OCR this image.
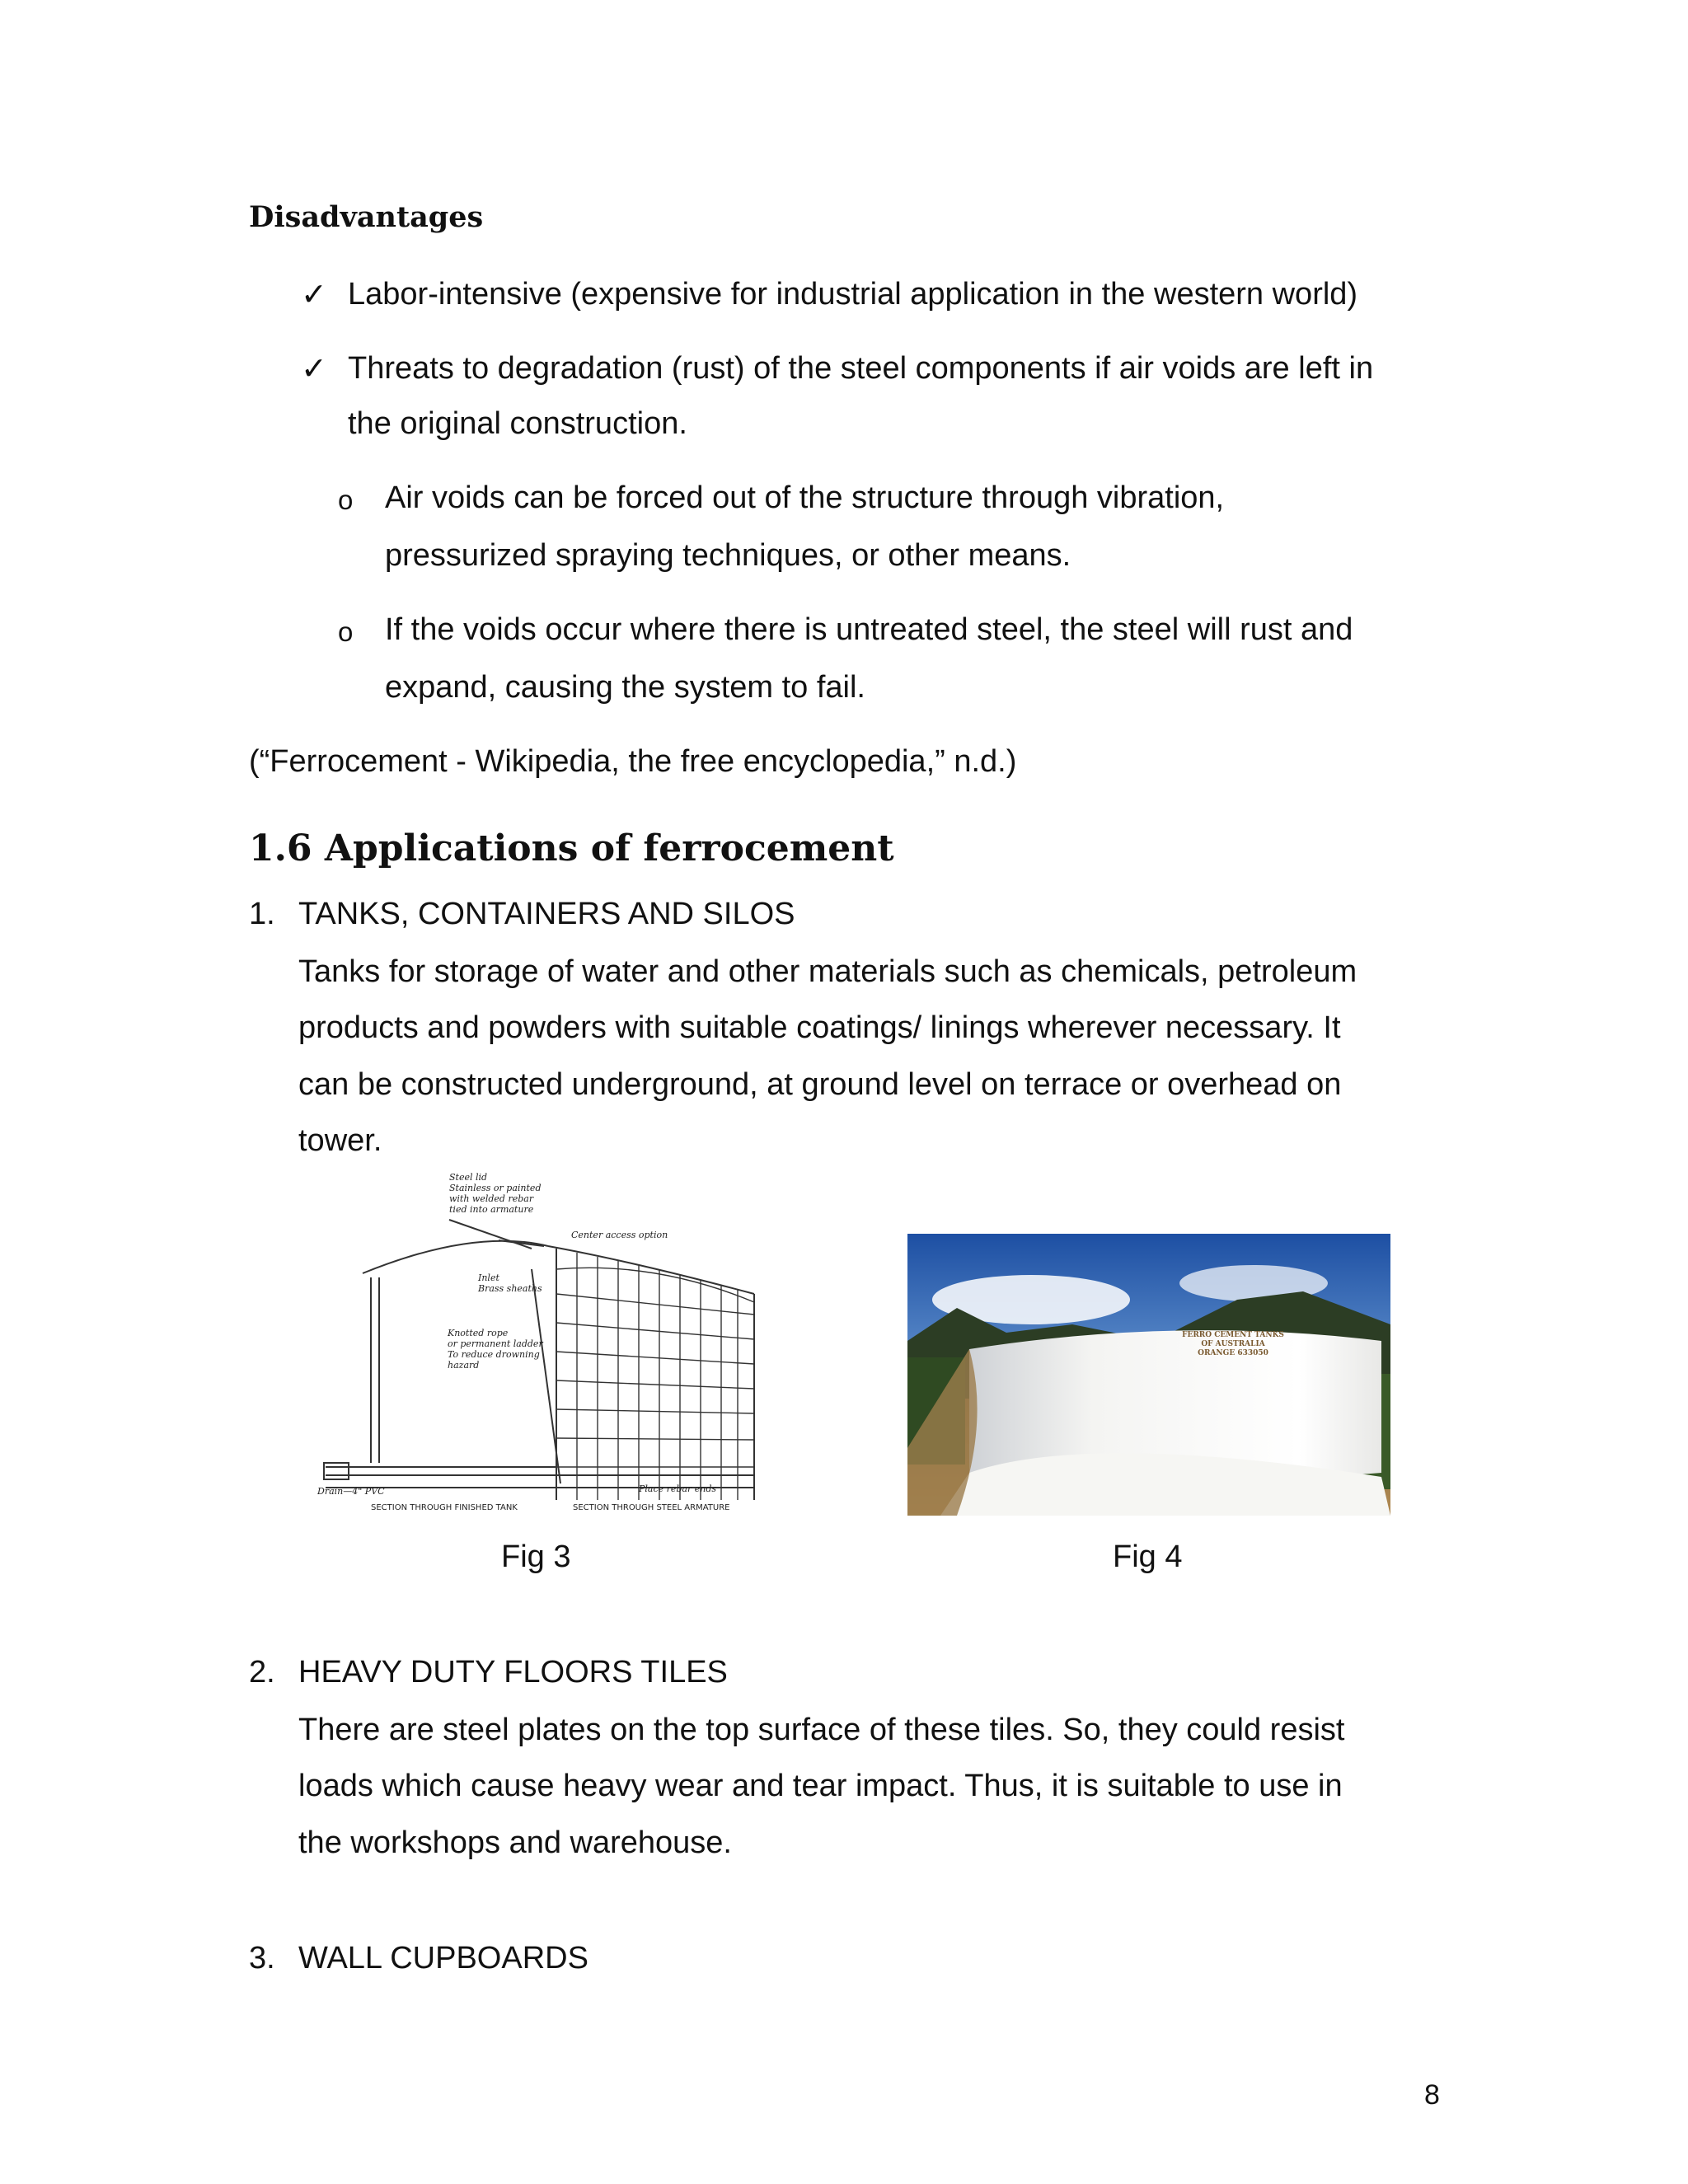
Disadvantages
✓ Labor-intensive (expensive for industrial application in the western world)
✓ Threats to degradation (rust) of the steel components if air voids are left in
the original construction.
o Air voids can be forced out of the structure through vibration,
pressurized spraying techniques, or other means.
o If the voids occur where there is untreated steel, the steel will rust and
expand, causing the system to fail.
(“Ferrocement - Wikipedia, the free encyclopedia,” n.d.)
1.6 Applications of ferrocement
1. TANKS, CONTAINERS AND SILOS
Tanks for storage of water and other materials such as chemicals, petroleum
products and powders with suitable coatings/ linings wherever necessary. It
can be constructed underground, at ground level on terrace or overhead on
tower.
Steel lid
Stainless or painted
with welded rebar
tied into armature
Center access option
Inlet
Brass sheaths
Knotted rope
or permanent ladder
To reduce drowning
hazard
Drain—4" PVC	Place rebar ends
SECTION THROUGH FINISHED TANK	SECTION THROUGH STEEL ARMATURE
FERRO CEMENT TANKS
OF AUSTRALIA
ORANGE 633050
Fig 3	Fig 4
2. HEAVY DUTY FLOORS TILES
There are steel plates on the top surface of these tiles. So, they could resist
loads which cause heavy wear and tear impact. Thus, it is suitable to use in
the workshops and warehouse.
3. WALL CUPBOARDS
8
